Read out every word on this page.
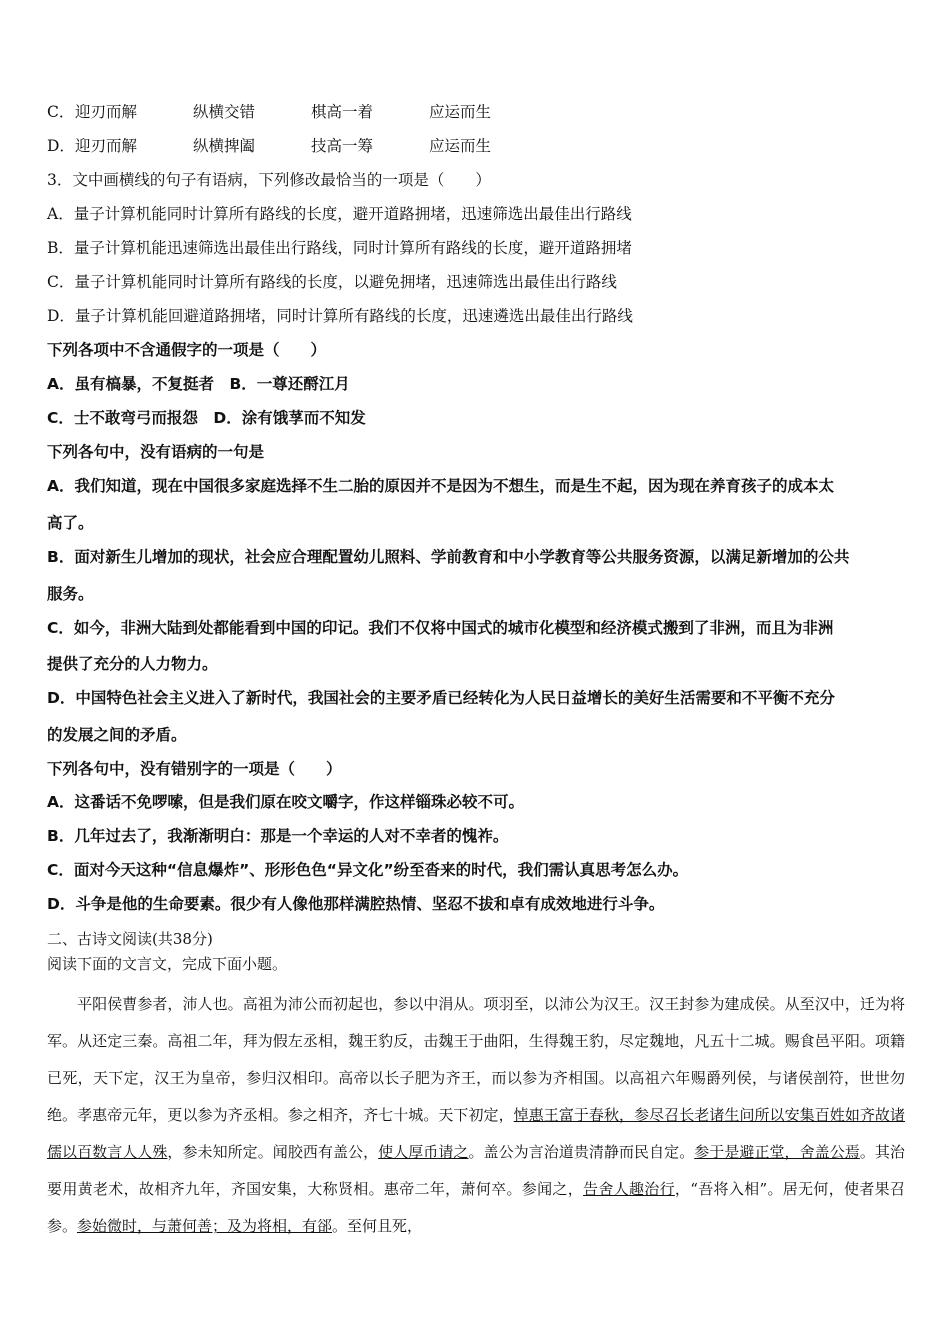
C．迎刃而解	纵横交错	棋高一着	应运而生
D．迎刃而解	纵横捭阖	技高一筹	应运而生
3．文中画横线的句子有语病，下列修改最恰当的一项是（　　）
A．量子计算机能同时计算所有路线的长度，避开道路拥堵，迅速筛选出最佳出行路线
B．量子计算机能迅速筛选出最佳出行路线，同时计算所有路线的长度，避开道路拥堵
C．量子计算机能同时计算所有路线的长度，以避免拥堵，迅速筛选出最佳出行路线
D．量子计算机能回避道路拥堵，同时计算所有路线的长度，迅速遴选出最佳出行路线
下列各项中不含通假字的一项是（　　）
A．虽有槁暴，不复挺者　B．一尊还酹江月
C．士不敢弯弓而报怨　D．涂有饿莩而不知发
下列各句中，没有语病的一句是
A．我们知道，现在中国很多家庭选择不生二胎的原因并不是因为不想生，而是生不起，因为现在养育孩子的成本太
高了。
B．面对新生儿增加的现状，社会应合理配置幼儿照料、学前教育和中小学教育等公共服务资源，以满足新增加的公共
服务。
C．如今，非洲大陆到处都能看到中国的印记。我们不仅将中国式的城市化模型和经济模式搬到了非洲，而且为非洲
提供了充分的人力物力。
D．中国特色社会主义进入了新时代，我国社会的主要矛盾已经转化为人民日益增长的美好生活需要和不平衡不充分
的发展之间的矛盾。
下列各句中，没有错别字的一项是（　　）
A．这番话不免啰嗦，但是我们原在咬文嚼字，作这样锱珠必较不可。
B．几年过去了，我渐渐明白：那是一个幸运的人对不幸者的愧祚。
C．面对今天这种“信息爆炸”、形形色色“异文化”纷至沓来的时代，我们需认真思考怎么办。
D．斗争是他的生命要素。很少有人像他那样满腔热情、坚忍不拔和卓有成效地进行斗争。
二、古诗文阅读(共38分)
阅读下面的文言文，完成下面小题。
　　平阳侯曹参者，沛人也。高祖为沛公而初起也，参以中涓从。项羽至，以沛公为汉王。汉王封参为建成侯。从至汉中，迁为将军。从还定三秦。高祖二年，拜为假左丞相，魏王豹反，击魏王于曲阳，生得魏王豹，尽定魏地，凡五十二城。赐食邑平阳。项籍已死，天下定，汉王为皇帝，参归汉相印。高帝以长子肥为齐王，而以参为齐相国。以高祖六年赐爵列侯，与诸侯剖符，世世勿绝。孝惠帝元年，更以参为齐丞相。参之相齐，齐七十城。天下初定，悼惠王富于春秋，参尽召长老诸生问所以安集百姓如齐故诸儒以百数言人人殊，参未知所定。闻胶西有盖公，使人厚币请之。盖公为言治道贵清静而民自定。参于是避正堂，舍盖公焉。其治要用黄老术，故相齐九年，齐国安集，大称贤相。惠帝二年，萧何卒。参闻之，告舍人趣治行，“吾将入相”。居无何，使者果召参。参始微时，与萧何善；及为将相，有郤。至何且死，
